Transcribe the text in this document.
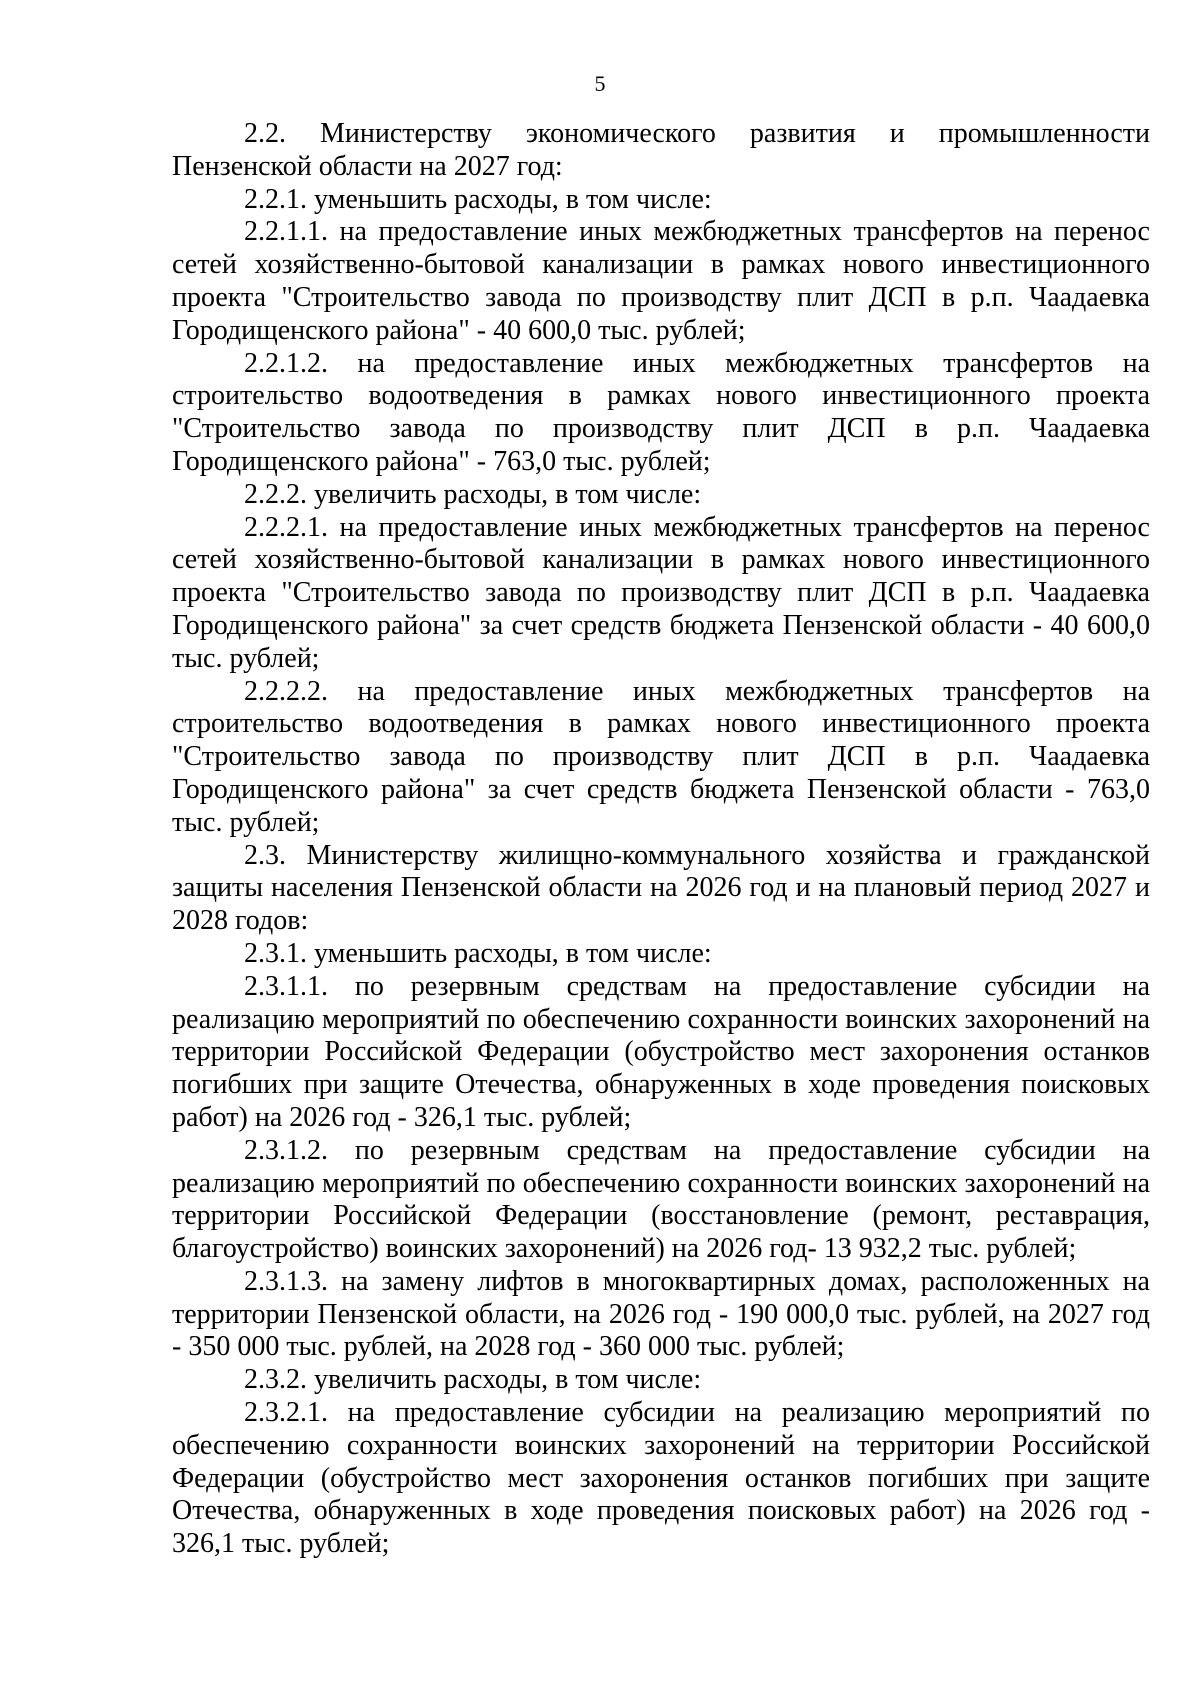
5

2.2. Министерству экономического развития и промышленности Пензенской области на 2027 год:

2.2.1. уменьшить расходы, в том числе:

2.2.1.1. на предоставление иных межбюджетных трансфертов на перенос сетей хозяйственно-бытовой канализации в рамках нового инвестиционного проекта "Строительство завода по производству плит ДСП в р.п. Чаадаевка Городищенского района" - 40 600,0 тыс. рублей;

2.2.1.2. на предоставление иных межбюджетных трансфертов на строительство водоотведения в рамках нового инвестиционного проекта "Строительство завода по производству плит ДСП в р.п. Чаадаевка Городищенского района" - 763,0 тыс. рублей;

2.2.2. увеличить расходы, в том числе:

2.2.2.1. на предоставление иных межбюджетных трансфертов на перенос сетей хозяйственно-бытовой канализации в рамках нового инвестиционного проекта "Строительство завода по производству плит ДСП в р.п. Чаадаевка Городищенского района" за счет средств бюджета Пензенской области - 40 600,0 тыс. рублей;

2.2.2.2. на предоставление иных межбюджетных трансфертов на строительство водоотведения в рамках нового инвестиционного проекта "Строительство завода по производству плит ДСП в р.п. Чаадаевка Городищенского района" за счет средств бюджета Пензенской области - 763,0 тыс. рублей;

2.3. Министерству жилищно-коммунального хозяйства и гражданской защиты населения Пензенской области на 2026 год и на плановый период 2027 и 2028 годов:

2.3.1. уменьшить расходы, в том числе:

2.3.1.1. по резервным средствам на предоставление субсидии на реализацию мероприятий по обеспечению сохранности воинских захоронений на территории Российской Федерации (обустройство мест захоронения останков погибших при защите Отечества, обнаруженных в ходе проведения поисковых работ) на 2026 год - 326,1 тыс. рублей;

2.3.1.2. по резервным средствам на предоставление субсидии на реализацию мероприятий по обеспечению сохранности воинских захоронений на территории Российской Федерации (восстановление (ремонт, реставрация, благоустройство) воинских захоронений) на 2026 год- 13 932,2 тыс. рублей;

2.3.1.3. на замену лифтов в многоквартирных домах, расположенных на территории Пензенской области, на 2026 год - 190 000,0 тыс. рублей, на 2027 год - 350 000 тыс. рублей, на 2028 год - 360 000 тыс. рублей;

2.3.2. увеличить расходы, в том числе:

2.3.2.1. на предоставление субсидии на реализацию мероприятий по обеспечению сохранности воинских захоронений на территории Российской Федерации (обустройство мест захоронения останков погибших при защите Отечества, обнаруженных в ходе проведения поисковых работ) на 2026 год - 326,1 тыс. рублей;
